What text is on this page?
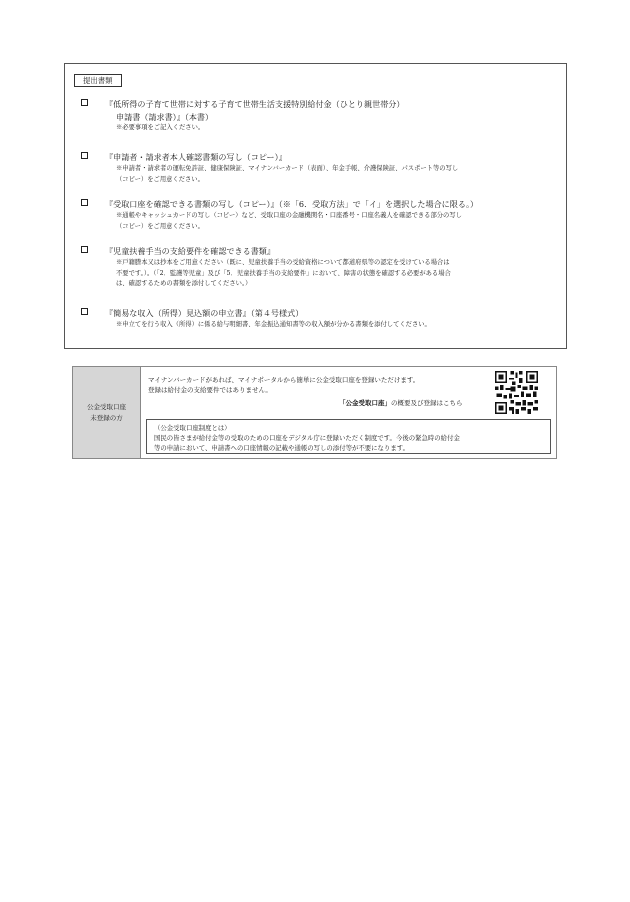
提出書類
『低所得の子育て世帯に対する子育て世帯生活支援特別給付金（ひとり親世帯分）
申請書（請求書）』（本書）
※必要事項をご記入ください。
『申請者・請求者本人確認書類の写し（コピー）』
※申請者・請求者の運転免許証、健康保険証、マイナンバーカード（表面）、年金手帳、介護保険証、パスポート等の写し
（コピー）をご用意ください。
『受取口座を確認できる書類の写し（コピー）』（※「6．受取方法」で「イ」を選択した場合に限る。）
※通帳やキャッシュカードの写し（コピー）など、受取口座の金融機関名・口座番号・口座名義人を確認できる部分の写し
（コピー）をご用意ください。
『児童扶養手当の支給要件を確認できる書類』
※戸籍謄本又は抄本をご用意ください（既に、児童扶養手当の受給資格について都道府県等の認定を受けている場合は
不要です。）。（「2．監護等児童」及び「5．児童扶養手当の支給要件」において、障害の状態を確認する必要がある場合
は、確認するための書類を添付してください。）
『簡易な収入（所得）見込額の申立書』（第４号様式）
※申立てを行う収入（所得）に係る給与明細書、年金振込通知書等の収入額が分かる書類を添付してください。
公金受取口座
未登録の方
マイナンバーカードがあれば、マイナポータルから簡単に公金受取口座を登録いただけます。
登録は給付金の支給要件ではありません。
「公金受取口座」の概要及び登録はこちら
（公金受取口座制度とは）
国民の皆さまが給付金等の受取のための口座をデジタル庁に登録いただく制度です。今後の緊急時の給付金
等の申請において、申請書への口座情報の記載や通帳の写しの添付等が不要になります。
